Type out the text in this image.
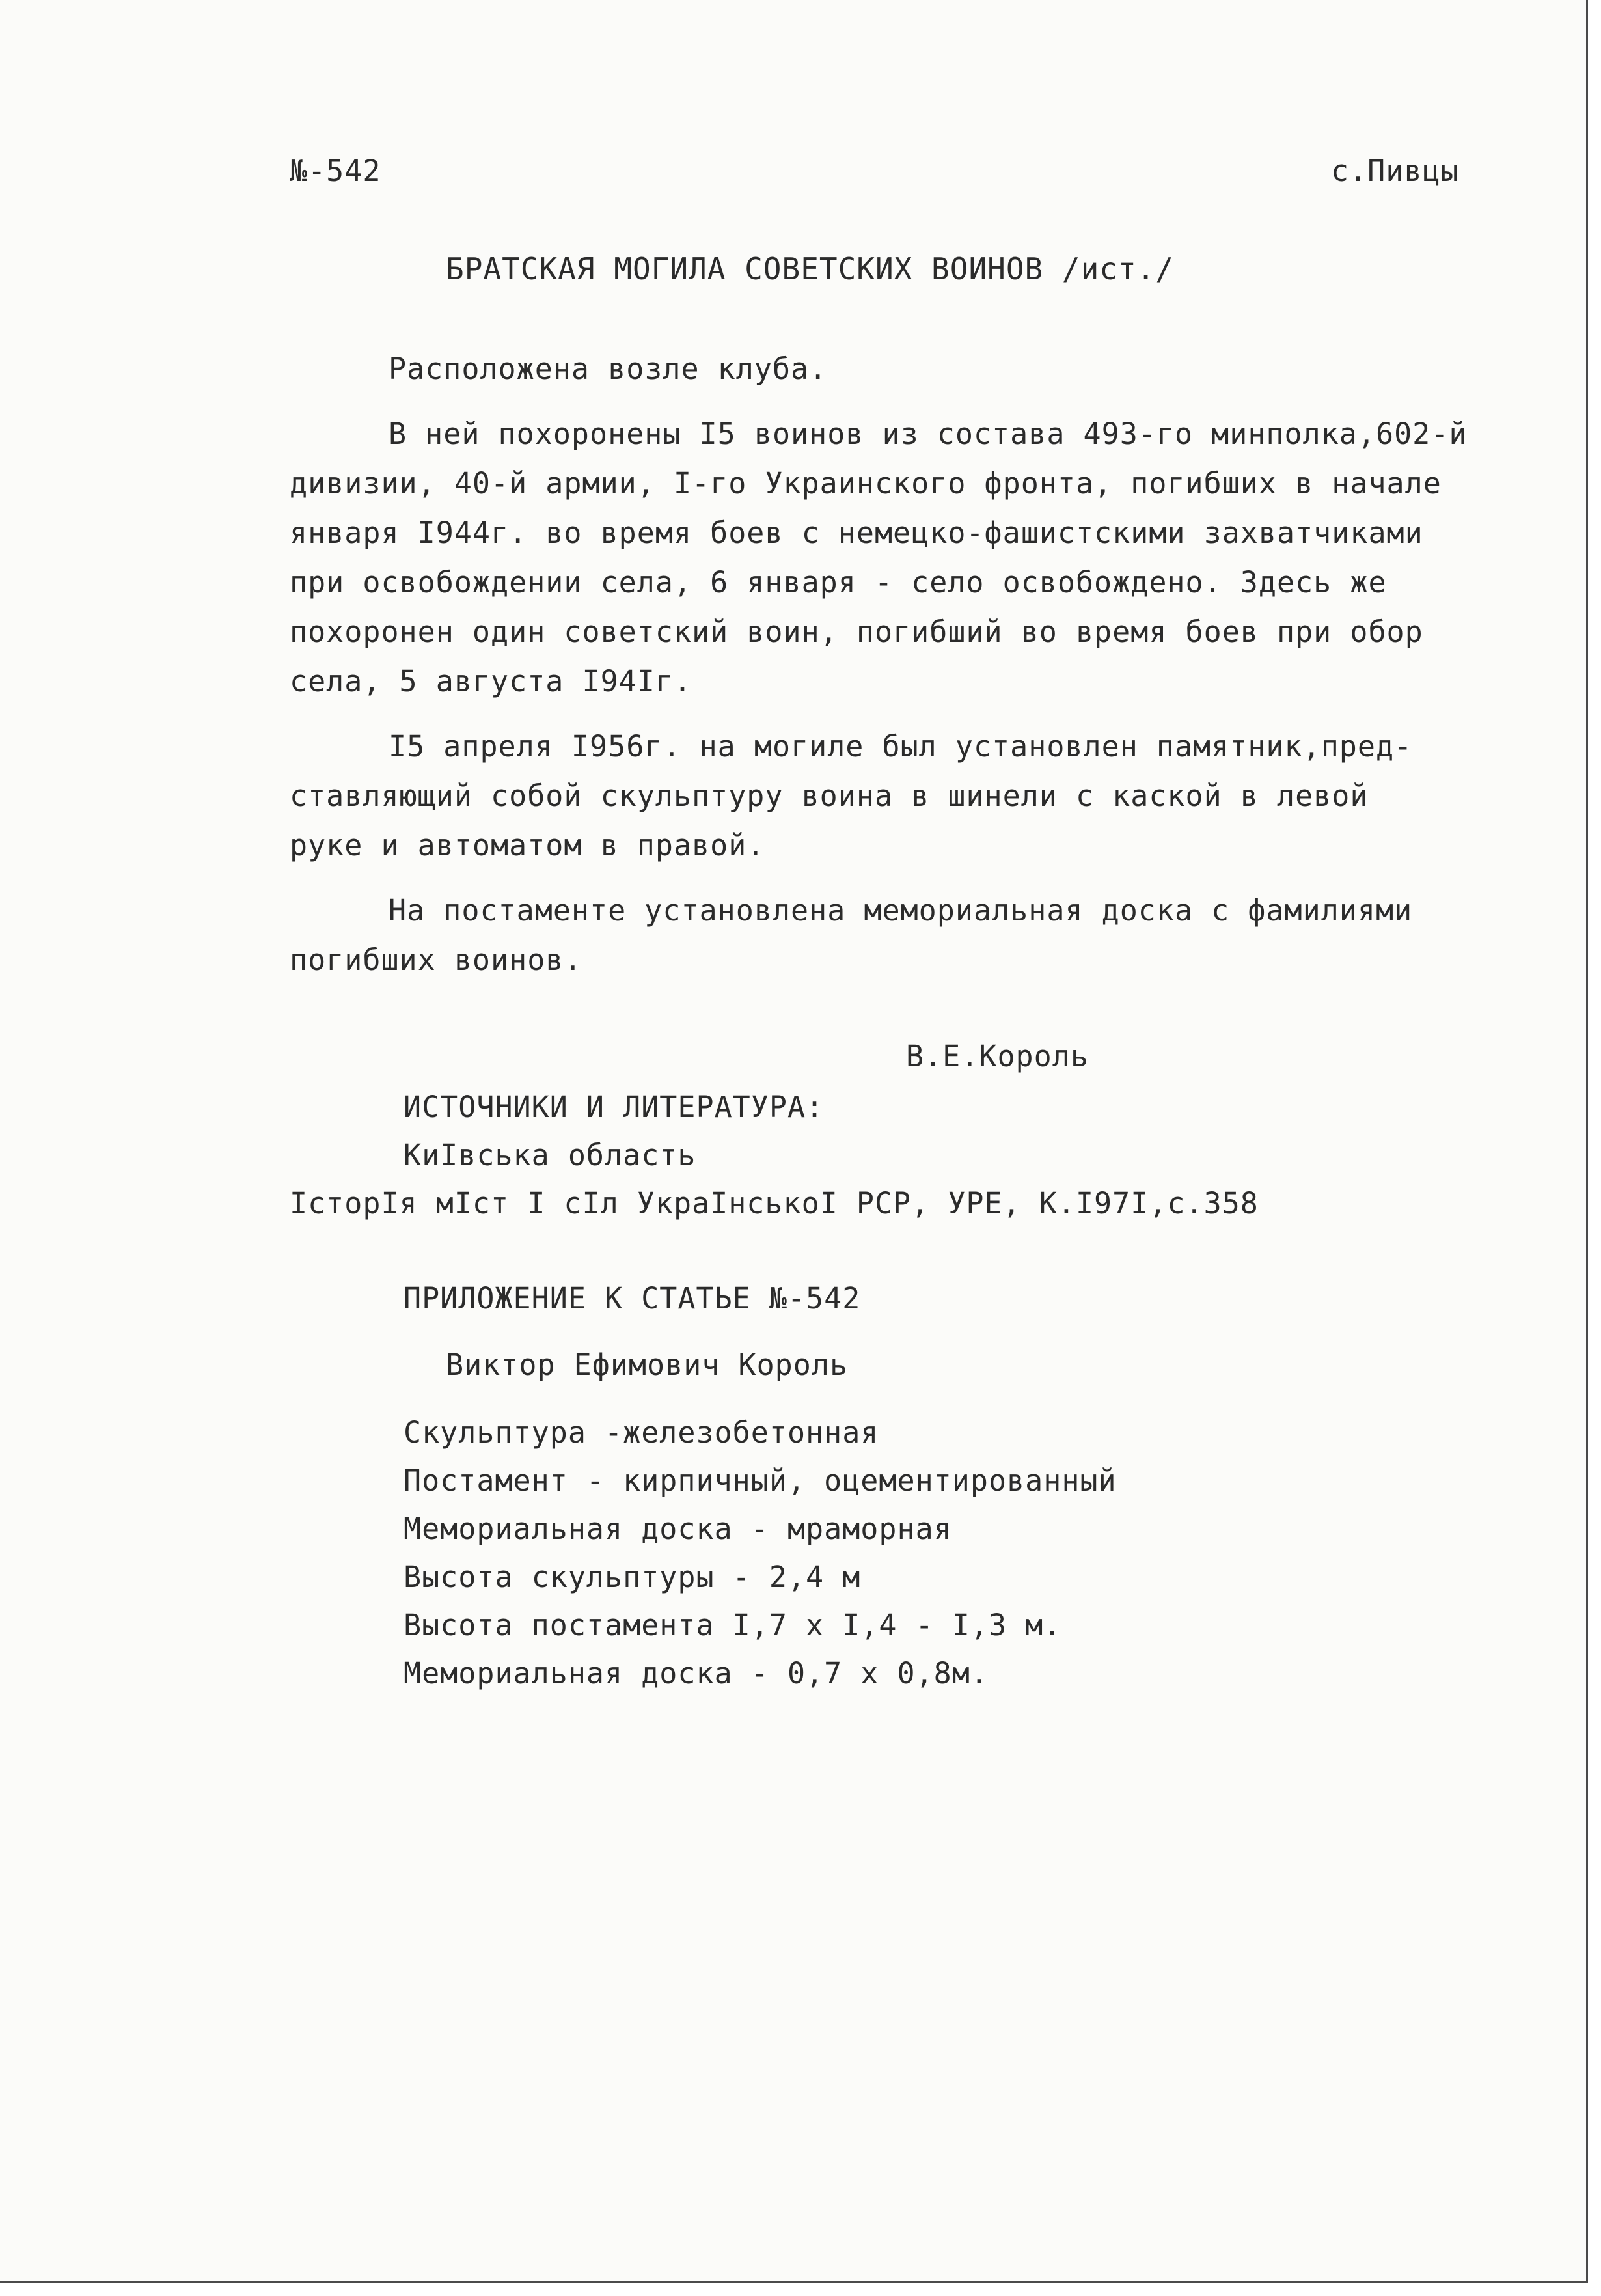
№-542	с.Пивцы
БРАТСКАЯ МОГИЛА СОВЕТСКИХ ВОИНОВ /ист./
Расположена возле клуба.
В ней похоронены I5 воинов из состава 493-го минполка,602-й
дивизии, 40-й армии, I-го Украинского фронта, погибших в начале
января I944г. во время боев с немецко-фашистскими захватчиками
при освобождении села, 6 января - село освобождено. Здесь же
похоронен один советский воин, погибший во время боев при обор
села, 5 августа I94Iг.
I5 апреля I956г. на могиле был установлен памятник,пред-
ставляющий собой скульптуру воина в шинели с каской в левой
руке и автоматом в правой.
На постаменте установлена мемориальная доска с фамилиями
погибших воинов.
В.Е.Король
ИСТОЧНИКИ И ЛИТЕРАТУРА:
КиIвська область
IсторIя мIст I сIл УкраIнськоI РСР, УРЕ, К.I97I,с.358
ПРИЛОЖЕНИЕ К СТАТЬЕ №-542
Виктор Ефимович Король
Скульптура -железобетонная
Постамент - кирпичный, оцементированный
Мемориальная доска - мраморная
Высота скульптуры - 2,4 м
Высота постамента I,7 х I,4 - I,3 м.
Мемориальная доска - 0,7 х 0,8м.
